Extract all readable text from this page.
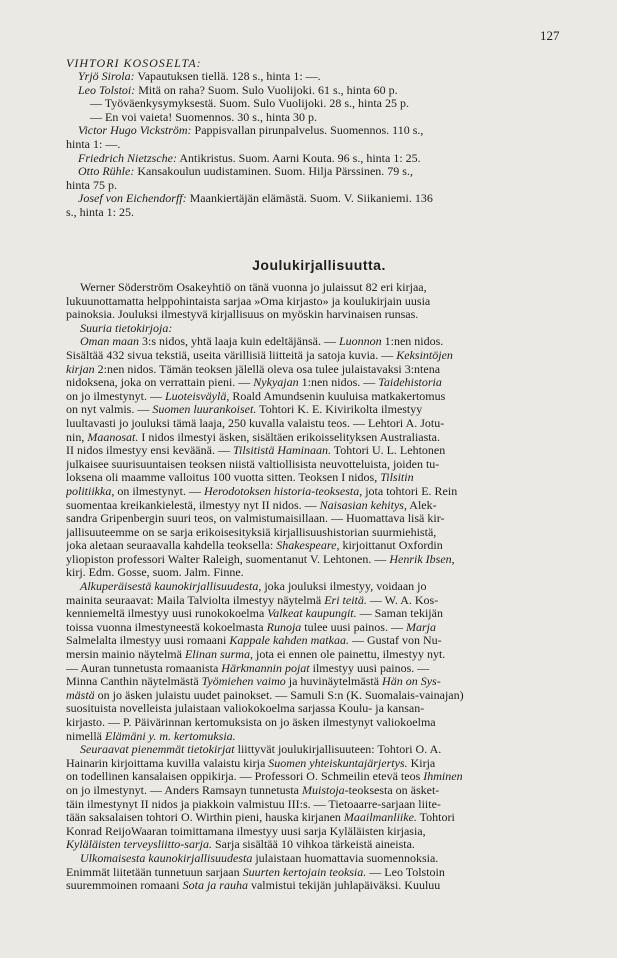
127
VIHTORI KOSOSELTA:
Yrjö Sirola: Vapautuksen tiellä. 128 s., hinta 1: —.
Leo Tolstoi: Mitä on raha? Suom. Sulo Vuolijoki. 61 s., hinta 60 p.
— Työväenkysymyksestä. Suom. Sulo Vuolijoki. 28 s., hinta 25 p.
— En voi vaieta! Suomennos. 30 s., hinta 30 p.
Victor Hugo Vickström: Pappisvallan pirunpalvelus. Suomennos. 110 s.,
hinta 1: —.
Friedrich Nietzsche: Antikristus. Suom. Aarni Kouta. 96 s., hinta 1: 25.
Otto Rühle: Kansakoulun uudistaminen. Suom. Hilja Pärssinen. 79 s.,
hinta 75 p.
Josef von Eichendorff: Maankiertäjän elämästä. Suom. V. Siikaniemi. 136
s., hinta 1: 25.
Joulukirjallisuutta.
Werner Söderström Osakeyhtiö on tänä vuonna jo julaissut 82 eri kirjaa,
lukuunottamatta helppohintaista sarjaa »Oma kirjasto» ja koulukirjain uusia
painoksia. Jouluksi ilmestyvä kirjallisuus on myöskin harvinaisen runsas.
Suuria tietokirjoja:
Oman maan 3:s nidos, yhtä laaja kuin edeltäjänsä. — Luonnon 1:nen nidos.
Sisältää 432 sivua tekstiä, useita värillisiä liitteitä ja satoja kuvia. — Keksintöjen
kirjan 2:nen nidos. Tämän teoksen jälellä oleva osa tulee julaistavaksi 3:ntena
nidoksena, joka on verrattain pieni. — Nykyajan 1:nen nidos. — Taidehistoria
on jo ilmestynyt. — Luoteisväylä, Roald Amundsenin kuuluisa matkakertomus
on nyt valmis. — Suomen luurankoiset. Tohtori K. E. Kivirikolta ilmestyy
luultavasti jo jouluksi tämä laaja, 250 kuvalla valaistu teos. — Lehtori A. Jotu-
nin, Maanosat. I nidos ilmestyi äsken, sisältäen erikoisselityksen Australiasta.
II nidos ilmestyy ensi keväänä. — Tilsitistä Haminaan. Tohtori U. L. Lehtonen
julkaisee suurisuuntaisen teoksen niistä valtiollisista neuvotteluista, joiden tu-
loksena oli maamme valloitus 100 vuotta sitten. Teoksen I nidos, Tilsitin
politiikka, on ilmestynyt. — Herodotoksen historia-teoksesta, jota tohtori E. Rein
suomentaa kreikankielestä, ilmestyy nyt II nidos. — Naisasian kehitys, Alek-
sandra Gripenbergin suuri teos, on valmistumaisillaan. — Huomattava lisä kir-
jallisuuteemme on se sarja erikoisesityksiä kirjallisuushistorian suurmiehistä,
joka aletaan seuraavalla kahdella teoksella: Shakespeare, kirjoittanut Oxfordin
yliopiston professori Walter Raleigh, suomentanut V. Lehtonen. — Henrik Ibsen,
kirj. Edm. Gosse, suom. Jalm. Finne.
Alkuperäisestä kaunokirjallisuudesta, joka jouluksi ilmestyy, voidaan jo
mainita seuraavat: Maila Talviolta ilmestyy näytelmä Eri teitä. — W. A. Kos-
kenniemeltä ilmestyy uusi runokokoelma Valkeat kaupungit. — Saman tekijän
toissa vuonna ilmestyneestä kokoelmasta Runoja tulee uusi painos. — Marja
Salmelalta ilmestyy uusi romaani Kappale kahden matkaa. — Gustaf von Nu-
mersin mainio näytelmä Elinan surma, jota ei ennen ole painettu, ilmestyy nyt.
— Auran tunnetusta romaanista Härkmannin pojat ilmestyy uusi painos. —
Minna Canthin näytelmästä Työmiehen vaimo ja huvinäytelmästä Hän on Sys-
mästä on jo äsken julaistu uudet painokset. — Samuli S:n (K. Suomalais-vainajan)
suosituista novelleista julaistaan valiokokoelma sarjassa Koulu- ja kansan-
kirjasto. — P. Päivärinnan kertomuksista on jo äsken ilmestynyt valiokoelma
nimellä Elämäni y. m. kertomuksia.
Seuraavat pienemmät tietokirjat liittyvät joulukirjallisuuteen: Tohtori O. A.
Hainarin kirjoittama kuvilla valaistu kirja Suomen yhteiskuntajärjertys. Kirja
on todellinen kansalaisen oppikirja. — Professori O. Schmeilin etevä teos Ihminen
on jo ilmestynyt. — Anders Ramsayn tunnetusta Muistoja-teoksesta on äsket-
täin ilmestynyt II nidos ja piakkoin valmistuu III:s. — Tietoaarre-sarjaan liite-
tään saksalaisen tohtori O. Wirthin pieni, hauska kirjanen Maailmanliike. Tohtori
Konrad ReijoWaaran toimittamana ilmestyy uusi sarja Kyläläisten kirjasia,
Kyläläisten terveysliitto-sarja. Sarja sisältää 10 vihkoa tärkeistä aineista.
Ulkomaisesta kaunokirjallisuudesta julaistaan huomattavia suomennoksia.
Enimmät liitetään tunnetuun sarjaan Suurten kertojain teoksia. — Leo Tolstoin
suuremmoinen romaani Sota ja rauha valmistui tekijän juhlapäiväksi. Kuuluu
